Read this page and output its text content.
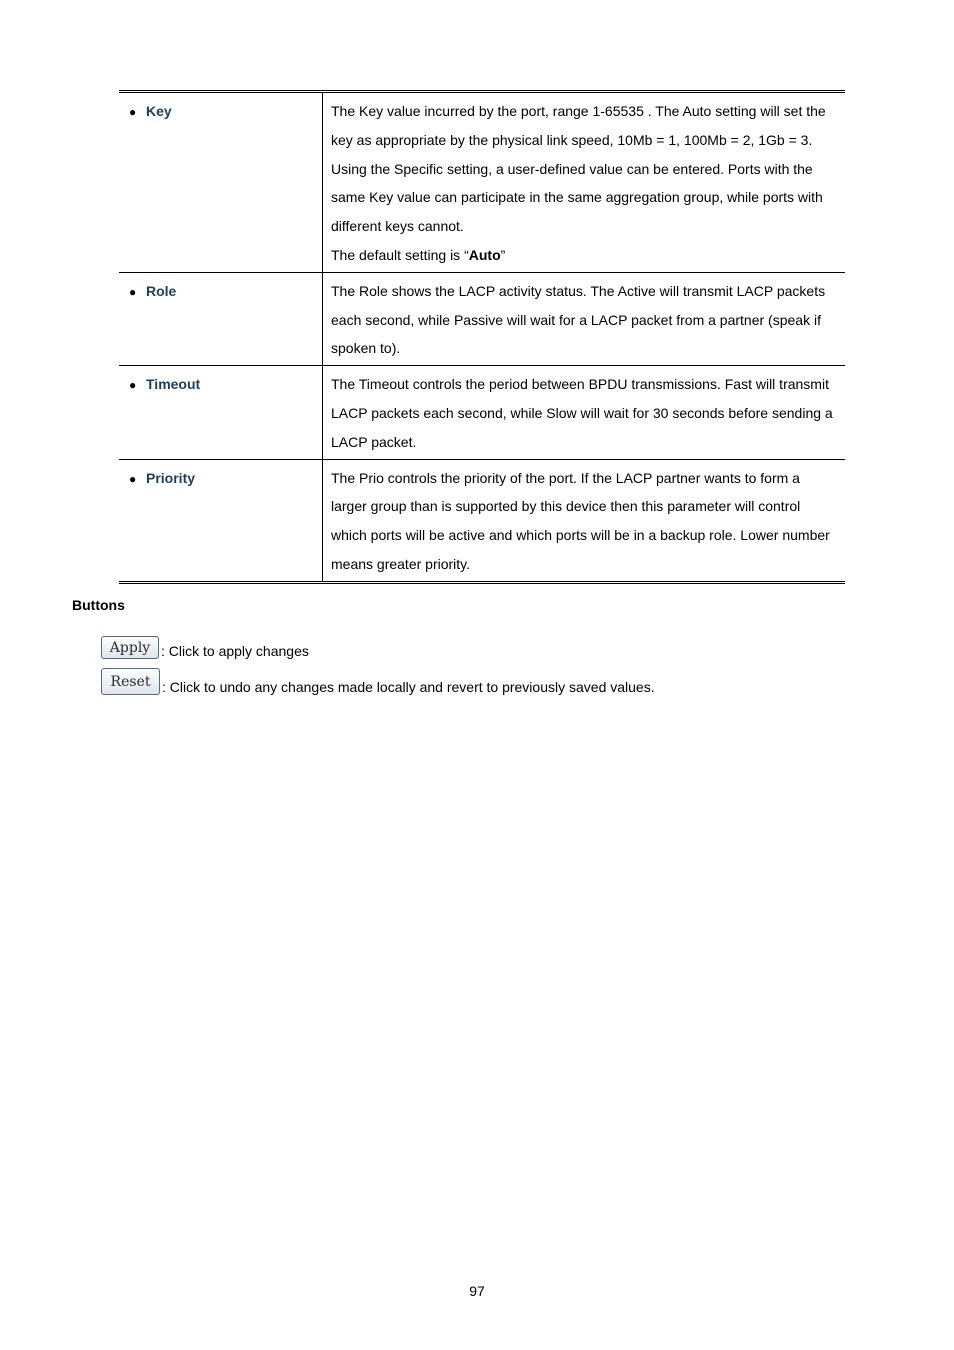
● Key	The Key value incurred by the port, range 1-65535 . The Auto setting will set the key as appropriate by the physical link speed, 10Mb = 1, 100Mb = 2, 1Gb = 3. Using the Specific setting, a user-defined value can be entered. Ports with the same Key value can participate in the same aggregation group, while ports with different keys cannot.

The default setting is “Auto”

● Role	The Role shows the LACP activity status. The Active will transmit LACP packets each second, while Passive will wait for a LACP packet from a partner (speak if spoken to).

● Timeout	The Timeout controls the period between BPDU transmissions. Fast will transmit LACP packets each second, while Slow will wait for 30 seconds before sending a LACP packet.

● Priority	The Prio controls the priority of the port. If the LACP partner wants to form a larger group than is supported by this device then this parameter will control which ports will be active and which ports will be in a backup role. Lower number means greater priority.

Buttons
Apply : Click to apply changes
Reset : Click to undo any changes made locally and revert to previously saved values.
97
